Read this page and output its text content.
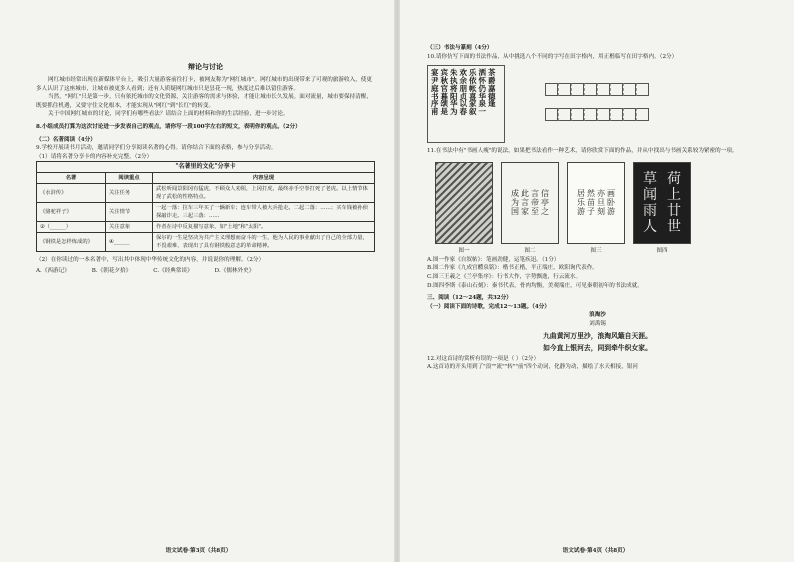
辩论与讨论

网红城市经常出现在新媒体平台上，吸引大量游客前往打卡，被网友称为"网红城市"。网红城市的出现带来了可观的旅游收入，使更多人认识了这座城市，让城市被更多人看到；还有人质疑网红城市只是昙花一现，热度过后难以留住游客。

当然，"网红"只是第一步，只有依托城市的文化资源，关注游客的需求与体验，才能让城市长久发展。面对流量，城市要保持清醒，既要抓住机遇，又要守住文化根本，才能实现从"网红"到"长红"的转变。

关于中国网红城市的讨论，同学们有哪些看法？请结合上面的材料和你的生活经验，进一步讨论。

8.小组成员打算为这次讨论进一步发表自己的观点，请你写一段100字左右的短文，表明你的观点。（2分）

（二）名著阅读（4分）

9.学校开展读书月活动，邀请同学们分享阅读名著的心得。请你结合下面的表格，参与分享活动。

（1）请将名著分享卡的内容补充完整。（2分）

"名著里的文化"分享卡		
名著	阅读重点	内容呈现
《水浒传》	关注任务	武松听闻景阳冈有猛虎，不顾众人劝阻，上冈打虎，最终赤手空拳打死了老虎。以上情节体现了武松的性格特点。
《骆驼祥子》	关注情节	一起一落：拉车三年买了一辆新车；连车带人被大兵抢走。二起二落：……；买车钱被孙侦探敲诈走。三起三落：……
②（______）	关注意象	作者在诗中反复描写意象，如"土地"和"太阳"。
《钢铁是怎样炼成的》	④______	保尔的一生是坚决为共产主义理想而奋斗的一生，他为人民的事业献出了自己的全部力量，不畏艰难，表现出了具有钢铁般意志的革命精神。

（2）在你读过的一本名著中，写出其中体现中华传统文化的内容，并说说你的理解。（2分）

A.《西游记》	B.《朝花夕拾》	C.《经典常谈》	D.《儒林外史》
语文试卷·第3页（共8页）

（三）书法与篆刻（4分）

10.请你仿写下面的书法作品，从中挑选八个不同的字写在田字格内，用正楷临写在田字格内。（2分）

宴
尹
庭
书
序
甫
宾
秋
官
暮
颂
是
朱
执
将
阳
华
为
欢
余
朋
贞
以
春
乐
依
帐
喜
家
叙
洒
怀
仍
华
泉
一
茶
爵
嘉
德
逢

11.在书法中有"书画人瘦"的说法，如果把书法看作一种艺术，请你欣赏下面的作品，并从中找出与书画关系较为紧密的一项。

图一
成
为
国
此
言
家
言
帝
至
信
亭
之
图二
居
乐
游
然
苗
子
亦
旦
刻
画
卧
游
图三
草 荷
闻 上
雨 廿
人 世
图四

A.图一作家《自叙帖》：笔画劲健，运笔疾迅。（1分）

B.图二作家《九成宫醴泉铭》：楷书正楷，平正端庄，欧阳询代表作。

C.图三王羲之《兰亭集序》：行书大作，字势飘逸，行云流水。

D.图四李斯《泰山石刻》：秦书代表，骨肉均衡，美观端庄，可见秦朝初年的书法成就。

三、阅读（12～24题，共32分）

（一）阅读下面的诗歌，完成12～13题。（4分）

浪淘沙

刘禹锡

九曲黄河万里沙，浪淘风簸自天涯。

如今直上银河去，同到牵牛织女家。

12.对这首诗的赏析有误的一项是（ ）（2分）

A.这首诗的开头用到了"浪""流""转""前"四个动词，化静为动，描绘了水天相接，银河

语文试卷·第4页（共8页）
